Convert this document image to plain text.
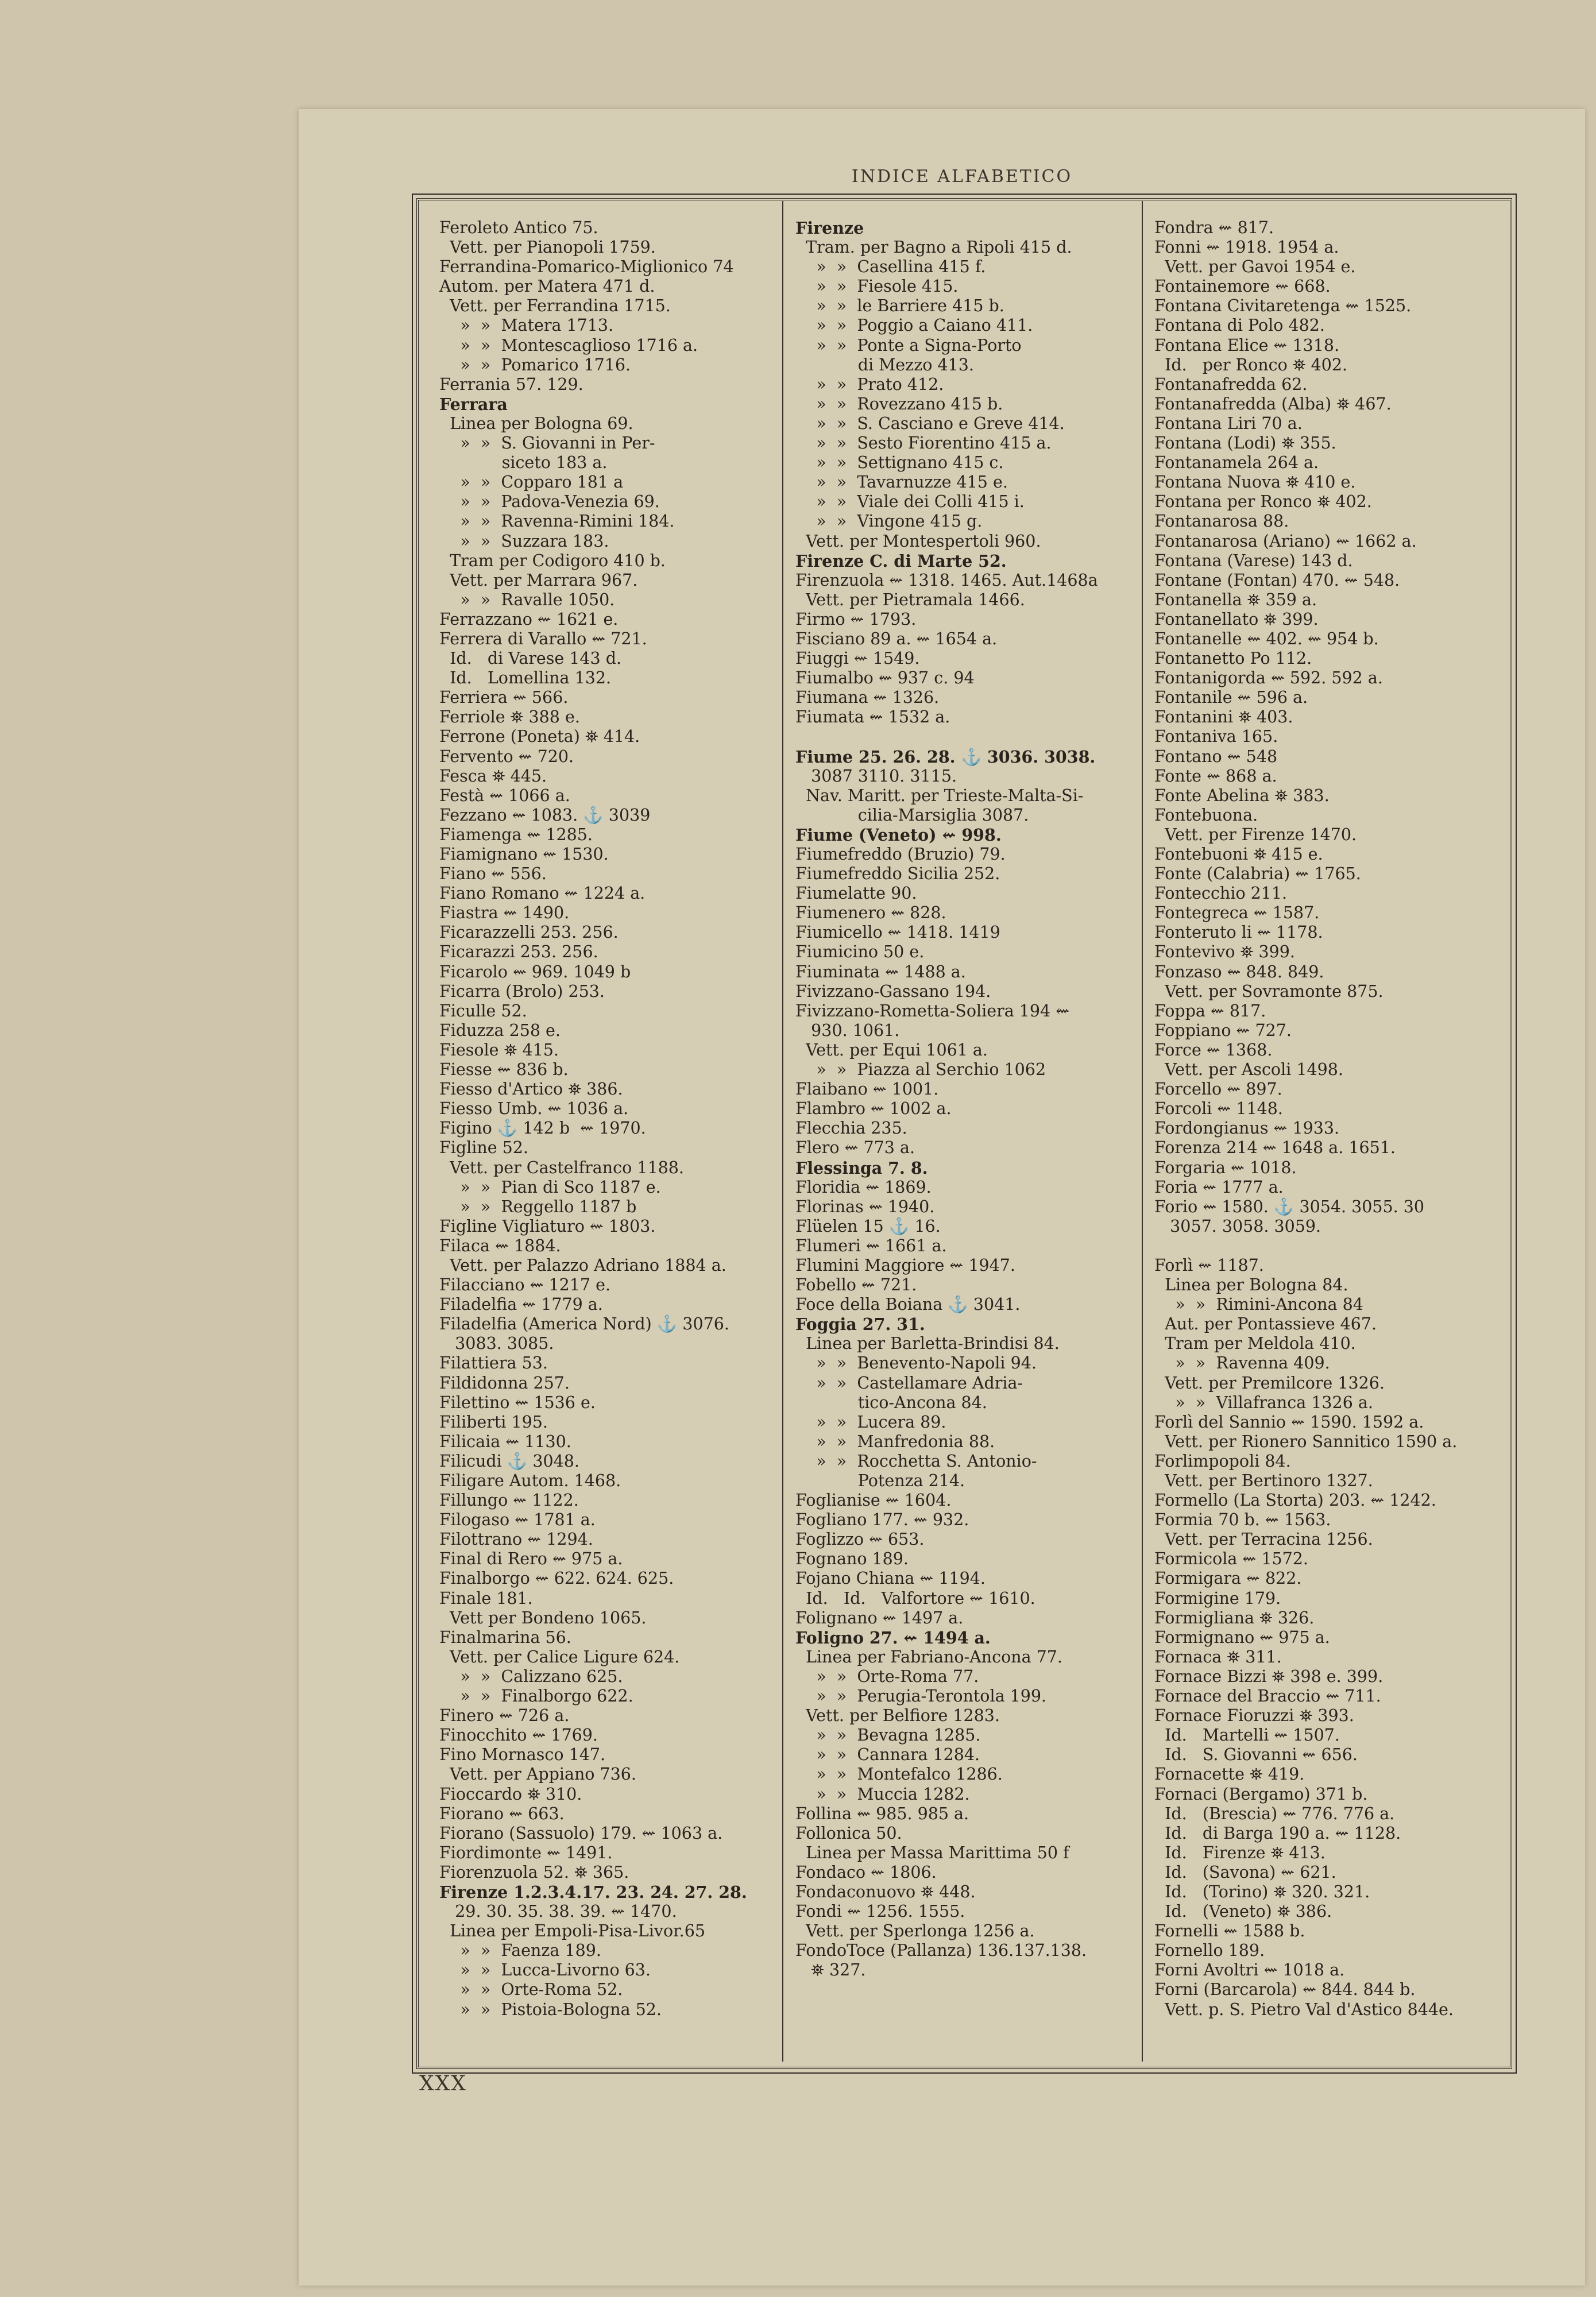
INDICE ALFABETICO
Feroleto Antico 75.
Vett. per Pianopoli 1759.
Ferrandina-Pomarico-Miglionico 74
Autom. per Matera 471 d.
Vett. per Ferrandina 1715.
»  »  Matera 1713.
»  »  Montescaglioso 1716 a.
»  »  Pomarico 1716.
Ferrania 57. 129.
Ferrara
Linea per Bologna 69.
»  »  S. Giovanni in Per-
siceto 183 a.
»  »  Copparo 181 a
»  »  Padova-Venezia 69.
»  »  Ravenna-Rimini 184.
»  »  Suzzara 183.
Tram per Codigoro 410 b.
Vett. per Marrara 967.
»  »  Ravalle 1050.
Ferrazzano ⇜ 1621 e.
Ferrera di Varallo ⇜ 721.
Id.   di Varese 143 d.
Id.   Lomellina 132.
Ferriera ⇜ 566.
Ferriole ⛯ 388 e.
Ferrone (Poneta) ⛯ 414.
Fervento ⇜ 720.
Fesca ⛯ 445.
Festà ⇜ 1066 a.
Fezzano ⇜ 1083. ⚓ 3039
Fiamenga ⇜ 1285.
Fiamignano ⇜ 1530.
Fiano ⇜ 556.
Fiano Romano ⇜ 1224 a.
Fiastra ⇜ 1490.
Ficarazzelli 253. 256.
Ficarazzi 253. 256.
Ficarolo ⇜ 969. 1049 b
Ficarra (Brolo) 253.
Ficulle 52.
Fiduzza 258 e.
Fiesole ⛯ 415.
Fiesse ⇜ 836 b.
Fiesso d'Artico ⛯ 386.
Fiesso Umb. ⇜ 1036 a.
Figino ⚓ 142 b  ⇜ 1970.
Figline 52.
Vett. per Castelfranco 1188.
»  »  Pian di Sco 1187 e.
»  »  Reggello 1187 b
Figline Vigliaturo ⇜ 1803.
Filaca ⇜ 1884.
Vett. per Palazzo Adriano 1884 a.
Filacciano ⇜ 1217 e.
Filadelfia ⇜ 1779 a.
Filadelfia (America Nord) ⚓ 3076.
3083. 3085.
Filattiera 53.
Fildidonna 257.
Filettino ⇜ 1536 e.
Filiberti 195.
Filicaia ⇜ 1130.
Filicudi ⚓ 3048.
Filigare Autom. 1468.
Fillungo ⇜ 1122.
Filogaso ⇜ 1781 a.
Filottrano ⇜ 1294.
Final di Rero ⇜ 975 a.
Finalborgo ⇜ 622. 624. 625.
Finale 181.
Vett per Bondeno 1065.
Finalmarina 56.
Vett. per Calice Ligure 624.
»  »  Calizzano 625.
»  »  Finalborgo 622.
Finero ⇜ 726 a.
Finocchito ⇜ 1769.
Fino Mornasco 147.
Vett. per Appiano 736.
Fioccardo ⛯ 310.
Fiorano ⇜ 663.
Fiorano (Sassuolo) 179. ⇜ 1063 a.
Fiordimonte ⇜ 1491.
Fiorenzuola 52. ⛯ 365.
Firenze 1.2.3.4.17. 23. 24. 27. 28.
29. 30. 35. 38. 39. ⇜ 1470.
Linea per Empoli-Pisa-Livor.65
»  »  Faenza 189.
»  »  Lucca-Livorno 63.
»  »  Orte-Roma 52.
»  »  Pistoia-Bologna 52.
Firenze
Tram. per Bagno a Ripoli 415 d.
»  »  Casellina 415 f.
»  »  Fiesole 415.
»  »  le Barriere 415 b.
»  »  Poggio a Caiano 411.
»  »  Ponte a Signa-Porto
di Mezzo 413.
»  »  Prato 412.
»  »  Rovezzano 415 b.
»  »  S. Casciano e Greve 414.
»  »  Sesto Fiorentino 415 a.
»  »  Settignano 415 c.
»  »  Tavarnuzze 415 e.
»  »  Viale dei Colli 415 i.
»  »  Vingone 415 g.
Vett. per Montespertoli 960.
Firenze C. di Marte 52.
Firenzuola ⇜ 1318. 1465. Aut.1468a
Vett. per Pietramala 1466.
Firmo ⇜ 1793.
Fisciano 89 a. ⇜ 1654 a.
Fiuggi ⇜ 1549.
Fiumalbo ⇜ 937 c. 94
Fiumana ⇜ 1326.
Fiumata ⇜ 1532 a.
Fiume 25. 26. 28. ⚓ 3036. 3038.
3087 3110. 3115.
Nav. Maritt. per Trieste-Malta-Si-
cilia-Marsiglia 3087.
Fiume (Veneto) ⇜ 998.
Fiumefreddo (Bruzio) 79.
Fiumefreddo Sicilia 252.
Fiumelatte 90.
Fiumenero ⇜ 828.
Fiumicello ⇜ 1418. 1419
Fiumicino 50 e.
Fiuminata ⇜ 1488 a.
Fivizzano-Gassano 194.
Fivizzano-Rometta-Soliera 194 ⇜
930. 1061.
Vett. per Equi 1061 a.
»  »  Piazza al Serchio 1062
Flaibano ⇜ 1001.
Flambro ⇜ 1002 a.
Flecchia 235.
Flero ⇜ 773 a.
Flessinga 7. 8.
Floridia ⇜ 1869.
Florinas ⇜ 1940.
Flüelen 15 ⚓ 16.
Flumeri ⇜ 1661 a.
Flumini Maggiore ⇜ 1947.
Fobello ⇜ 721.
Foce della Boiana ⚓ 3041.
Foggia 27. 31.
Linea per Barletta-Brindisi 84.
»  »  Benevento-Napoli 94.
»  »  Castellamare Adria-
tico-Ancona 84.
»  »  Lucera 89.
»  »  Manfredonia 88.
»  »  Rocchetta S. Antonio-
Potenza 214.
Foglianise ⇜ 1604.
Fogliano 177. ⇜ 932.
Foglizzo ⇜ 653.
Fognano 189.
Fojano Chiana ⇜ 1194.
Id.   Id.   Valfortore ⇜ 1610.
Folignano ⇜ 1497 a.
Foligno 27. ⇜ 1494 a.
Linea per Fabriano-Ancona 77.
»  »  Orte-Roma 77.
»  »  Perugia-Terontola 199.
Vett. per Belfiore 1283.
»  »  Bevagna 1285.
»  »  Cannara 1284.
»  »  Montefalco 1286.
»  »  Muccia 1282.
Follina ⇜ 985. 985 a.
Follonica 50.
Linea per Massa Marittima 50 f
Fondaco ⇜ 1806.
Fondaconuovo ⛯ 448.
Fondi ⇜ 1256. 1555.
Vett. per Sperlonga 1256 a.
FondoToce (Pallanza) 136.137.138.
⛯ 327.
Fondra ⇜ 817.
Fonni ⇜ 1918. 1954 a.
Vett. per Gavoi 1954 e.
Fontainemore ⇜ 668.
Fontana Civitaretenga ⇜ 1525.
Fontana di Polo 482.
Fontana Elice ⇜ 1318.
Id.   per Ronco ⛯ 402.
Fontanafredda 62.
Fontanafredda (Alba) ⛯ 467.
Fontana Liri 70 a.
Fontana (Lodi) ⛯ 355.
Fontanamela 264 a.
Fontana Nuova ⛯ 410 e.
Fontana per Ronco ⛯ 402.
Fontanarosa 88.
Fontanarosa (Ariano) ⇜ 1662 a.
Fontana (Varese) 143 d.
Fontane (Fontan) 470. ⇜ 548.
Fontanella ⛯ 359 a.
Fontanellato ⛯ 399.
Fontanelle ⇜ 402. ⇜ 954 b.
Fontanetto Po 112.
Fontanigorda ⇜ 592. 592 a.
Fontanile ⇜ 596 a.
Fontanini ⛯ 403.
Fontaniva 165.
Fontano ⇜ 548
Fonte ⇜ 868 a.
Fonte Abelina ⛯ 383.
Fontebuona.
Vett. per Firenze 1470.
Fontebuoni ⛯ 415 e.
Fonte (Calabria) ⇜ 1765.
Fontecchio 211.
Fontegreca ⇜ 1587.
Fonteruto li ⇜ 1178.
Fontevivo ⛯ 399.
Fonzaso ⇜ 848. 849.
Vett. per Sovramonte 875.
Foppa ⇜ 817.
Foppiano ⇜ 727.
Force ⇜ 1368.
Vett. per Ascoli 1498.
Forcello ⇜ 897.
Forcoli ⇜ 1148.
Fordongianus ⇜ 1933.
Forenza 214 ⇜ 1648 a. 1651.
Forgaria ⇜ 1018.
Foria ⇜ 1777 a.
Forio ⇜ 1580. ⚓ 3054. 3055. 30
3057. 3058. 3059.
Forlì ⇜ 1187.
Linea per Bologna 84.
»  »  Rimini-Ancona 84
Aut. per Pontassieve 467.
Tram per Meldola 410.
»  »  Ravenna 409.
Vett. per Premilcore 1326.
»  »  Villafranca 1326 a.
Forlì del Sannio ⇜ 1590. 1592 a.
Vett. per Rionero Sannitico 1590 a.
Forlimpopoli 84.
Vett. per Bertinoro 1327.
Formello (La Storta) 203. ⇜ 1242.
Formia 70 b. ⇜ 1563.
Vett. per Terracina 1256.
Formicola ⇜ 1572.
Formigara ⇜ 822.
Formigine 179.
Formigliana ⛯ 326.
Formignano ⇜ 975 a.
Fornaca ⛯ 311.
Fornace Bizzi ⛯ 398 e. 399.
Fornace del Braccio ⇜ 711.
Fornace Fioruzzi ⛯ 393.
Id.   Martelli ⇜ 1507.
Id.   S. Giovanni ⇜ 656.
Fornacette ⛯ 419.
Fornaci (Bergamo) 371 b.
Id.   (Brescia) ⇜ 776. 776 a.
Id.   di Barga 190 a. ⇜ 1128.
Id.   Firenze ⛯ 413.
Id.   (Savona) ⇜ 621.
Id.   (Torino) ⛯ 320. 321.
Id.   (Veneto) ⛯ 386.
Fornelli ⇜ 1588 b.
Fornello 189.
Forni Avoltri ⇜ 1018 a.
Forni (Barcarola) ⇜ 844. 844 b.
Vett. p. S. Pietro Val d'Astico 844e.
XXX
